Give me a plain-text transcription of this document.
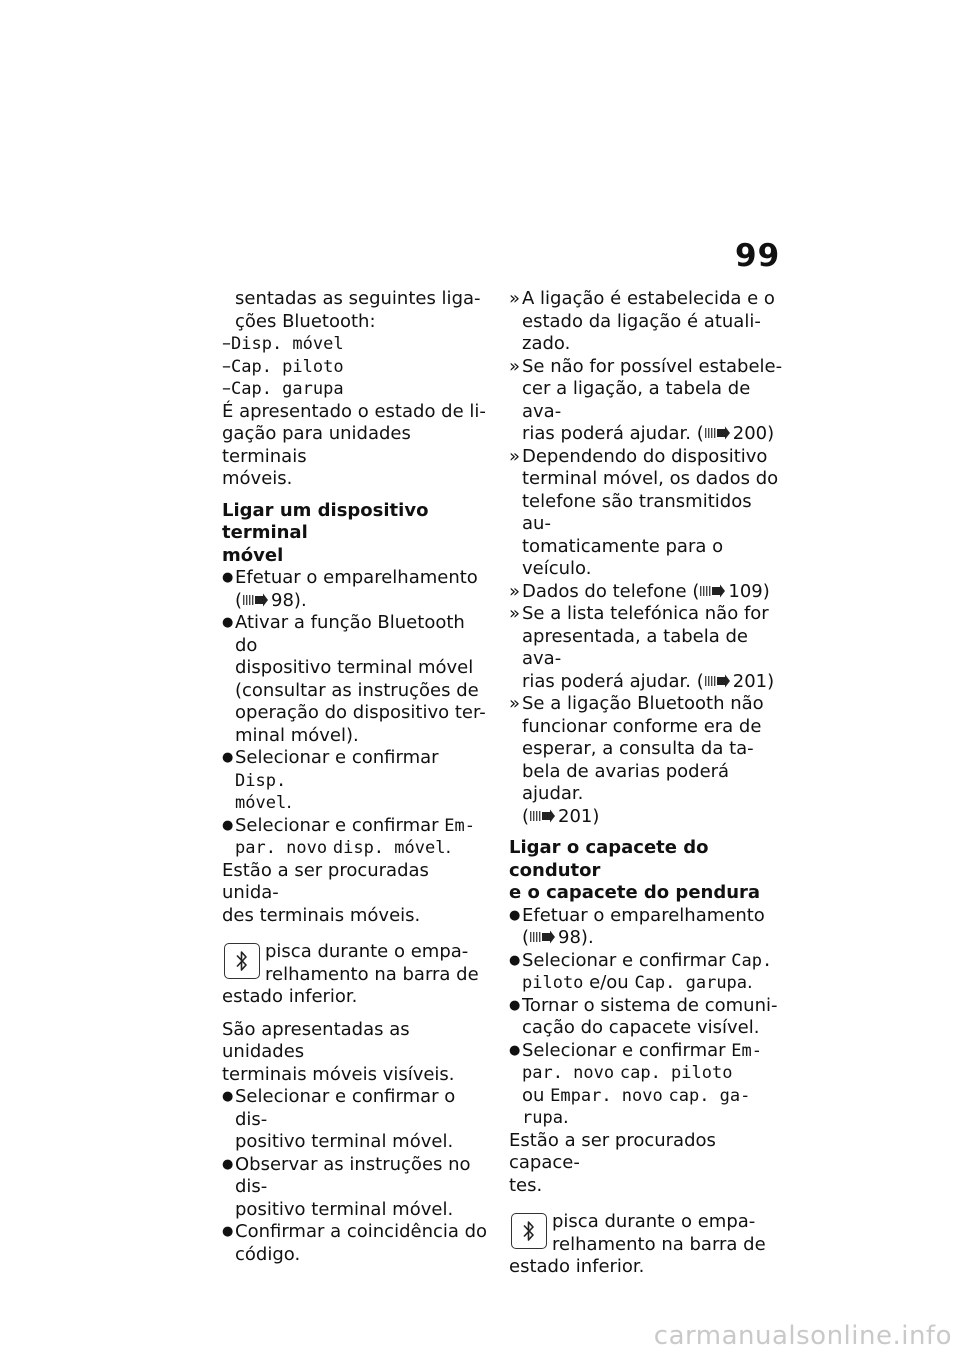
99
sentadas as seguintes liga-
ções Bluetooth:
–Disp. móvel
–Cap. piloto
–Cap. garupa
É apresentado o estado de li-
gação para unidades terminais
móveis.
Ligar um dispositivo terminal
móvel
● Efetuar o emparelhamento
( 98).
● Ativar a função Bluetooth do
dispositivo terminal móvel
(consultar as instruções de
operação do dispositivo ter-
minal móvel).
● Selecionar e confirmar Disp.
móvel.
● Selecionar e confirmar Em-
par. novo disp. móvel.
Estão a ser procuradas unida-
des terminais móveis.
pisca durante o empa-
relhamento na barra de
estado inferior.
São apresentadas as unidades
terminais móveis visíveis.
● Selecionar e confirmar o dis-
positivo terminal móvel.
● Observar as instruções no dis-
positivo terminal móvel.
● Confirmar a coincidência do
código.
» A ligação é estabelecida e o
estado da ligação é atuali-
zado.
» Se não for possível estabele-
cer a ligação, a tabela de ava-
rias poderá ajudar. ( 200)
» Dependendo do dispositivo
terminal móvel, os dados do
telefone são transmitidos au-
tomaticamente para o veículo.
» Dados do telefone ( 109)
» Se a lista telefónica não for
apresentada, a tabela de ava-
rias poderá ajudar. ( 201)
» Se a ligação Bluetooth não
funcionar conforme era de
esperar, a consulta da ta-
bela de avarias poderá ajudar.
( 201)
Ligar o capacete do condutor
e o capacete do pendura
● Efetuar o emparelhamento
( 98).
● Selecionar e confirmar Cap.
piloto e/ou Cap. garupa.
● Tornar o sistema de comuni-
cação do capacete visível.
● Selecionar e confirmar Em-
par. novo cap. piloto
ou Empar. novo cap. ga-
rupa.
Estão a ser procurados capace-
tes.
pisca durante o empa-
relhamento na barra de
estado inferior.
carmanualsonline.info
